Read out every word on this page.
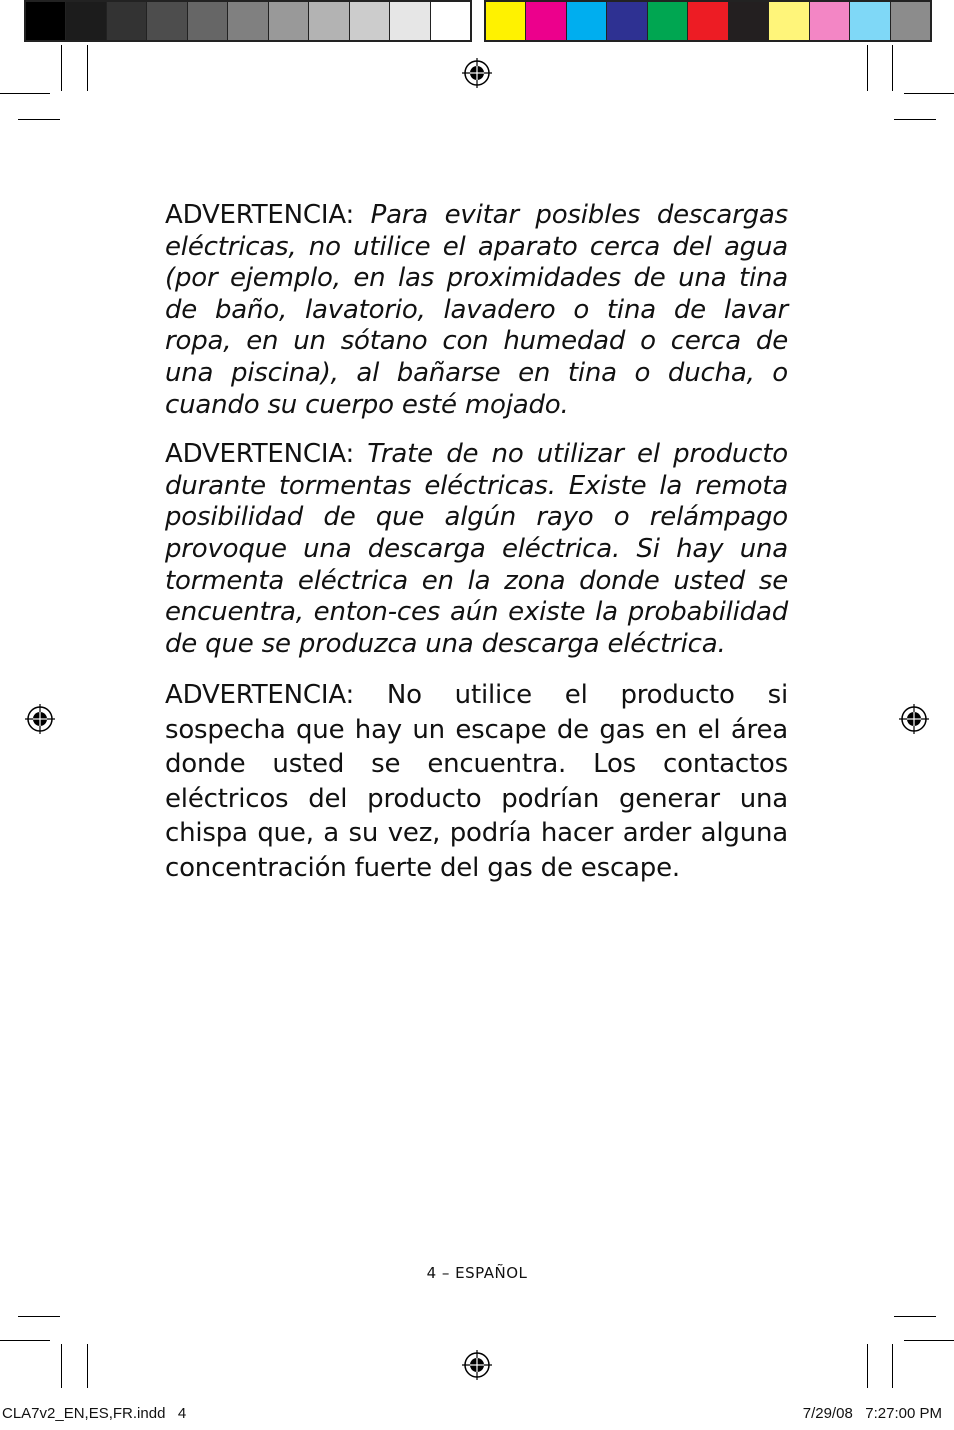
ADVERTENCIA: Para evitar posibles descargas eléctricas, no utilice el aparato cerca del agua (por ejemplo, en las proximidades de una tina de baño, lavatorio, lavadero o tina de lavar ropa, en un sótano con humedad o cerca de una piscina), al bañarse en tina o ducha, o cuando su cuerpo esté mojado.

ADVERTENCIA: Trate de no utilizar el producto durante tormentas eléctricas. Existe la remota posibilidad de que algún rayo o relámpago provoque una descarga eléctrica. Si hay una tormenta eléctrica en la zona donde usted se encuentra, enton-ces aún existe la probabilidad de que se produzca una descarga eléctrica.

ADVERTENCIA: No utilice el producto si sospecha que hay un escape de gas en el área donde usted se encuentra. Los contactos eléctricos del producto podrían generar una chispa que, a su vez, podría hacer arder alguna concentración fuerte del gas de escape.

4 – ESPAÑOL
CLA7v2_EN,ES,FR.indd   4	7/29/08   7:27:00 PM
